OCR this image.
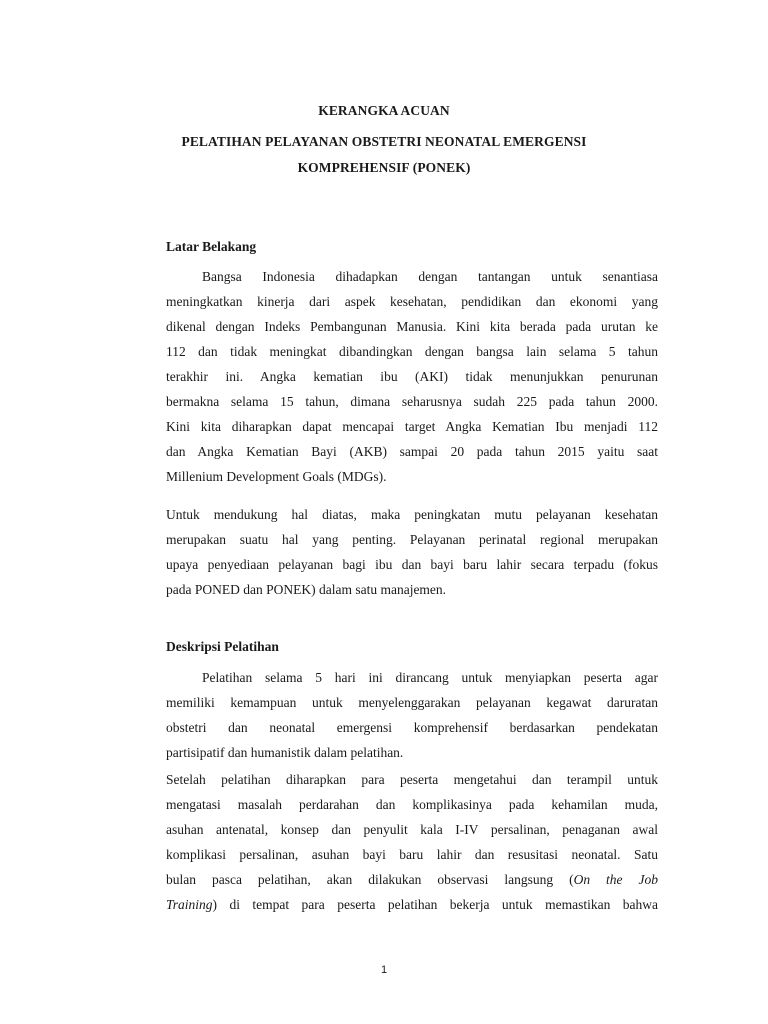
KERANGKA ACUAN

PELATIHAN PELAYANAN OBSTETRI NEONATAL EMERGENSI

KOMPREHENSIF (PONEK)

Latar Belakang

Bangsa Indonesia dihadapkan dengan tantangan untuk senantiasa
meningkatkan kinerja dari aspek kesehatan, pendidikan dan ekonomi yang
dikenal dengan Indeks Pembangunan Manusia. Kini kita berada pada urutan ke
112 dan tidak meningkat dibandingkan dengan bangsa lain selama 5 tahun
terakhir ini. Angka kematian ibu (AKI) tidak menunjukkan penurunan
bermakna selama 15 tahun, dimana seharusnya sudah 225 pada tahun 2000.
Kini kita diharapkan dapat mencapai target Angka Kematian Ibu menjadi 112
dan Angka Kematian Bayi (AKB) sampai 20 pada tahun 2015 yaitu saat
Millenium Development Goals (MDGs).
Untuk mendukung hal diatas, maka peningkatan mutu pelayanan kesehatan
merupakan suatu hal yang penting. Pelayanan perinatal regional merupakan
upaya penyediaan pelayanan bagi ibu dan bayi baru lahir secara terpadu (fokus
pada PONED dan PONEK) dalam satu manajemen.

Deskripsi Pelatihan

Pelatihan selama 5 hari ini dirancang untuk menyiapkan peserta agar
memiliki kemampuan untuk menyelenggarakan pelayanan kegawat daruratan
obstetri dan neonatal emergensi komprehensif berdasarkan pendekatan
partisipatif dan humanistik dalam pelatihan.
Setelah pelatihan diharapkan para peserta mengetahui dan terampil untuk
mengatasi masalah perdarahan dan komplikasinya pada kehamilan muda,
asuhan antenatal, konsep dan penyulit kala I-IV persalinan, penaganan awal
komplikasi persalinan, asuhan bayi baru lahir dan resusitasi neonatal. Satu
bulan pasca pelatihan, akan dilakukan observasi langsung (On the Job
Training) di tempat para peserta pelatihan bekerja untuk memastikan bahwa

1
